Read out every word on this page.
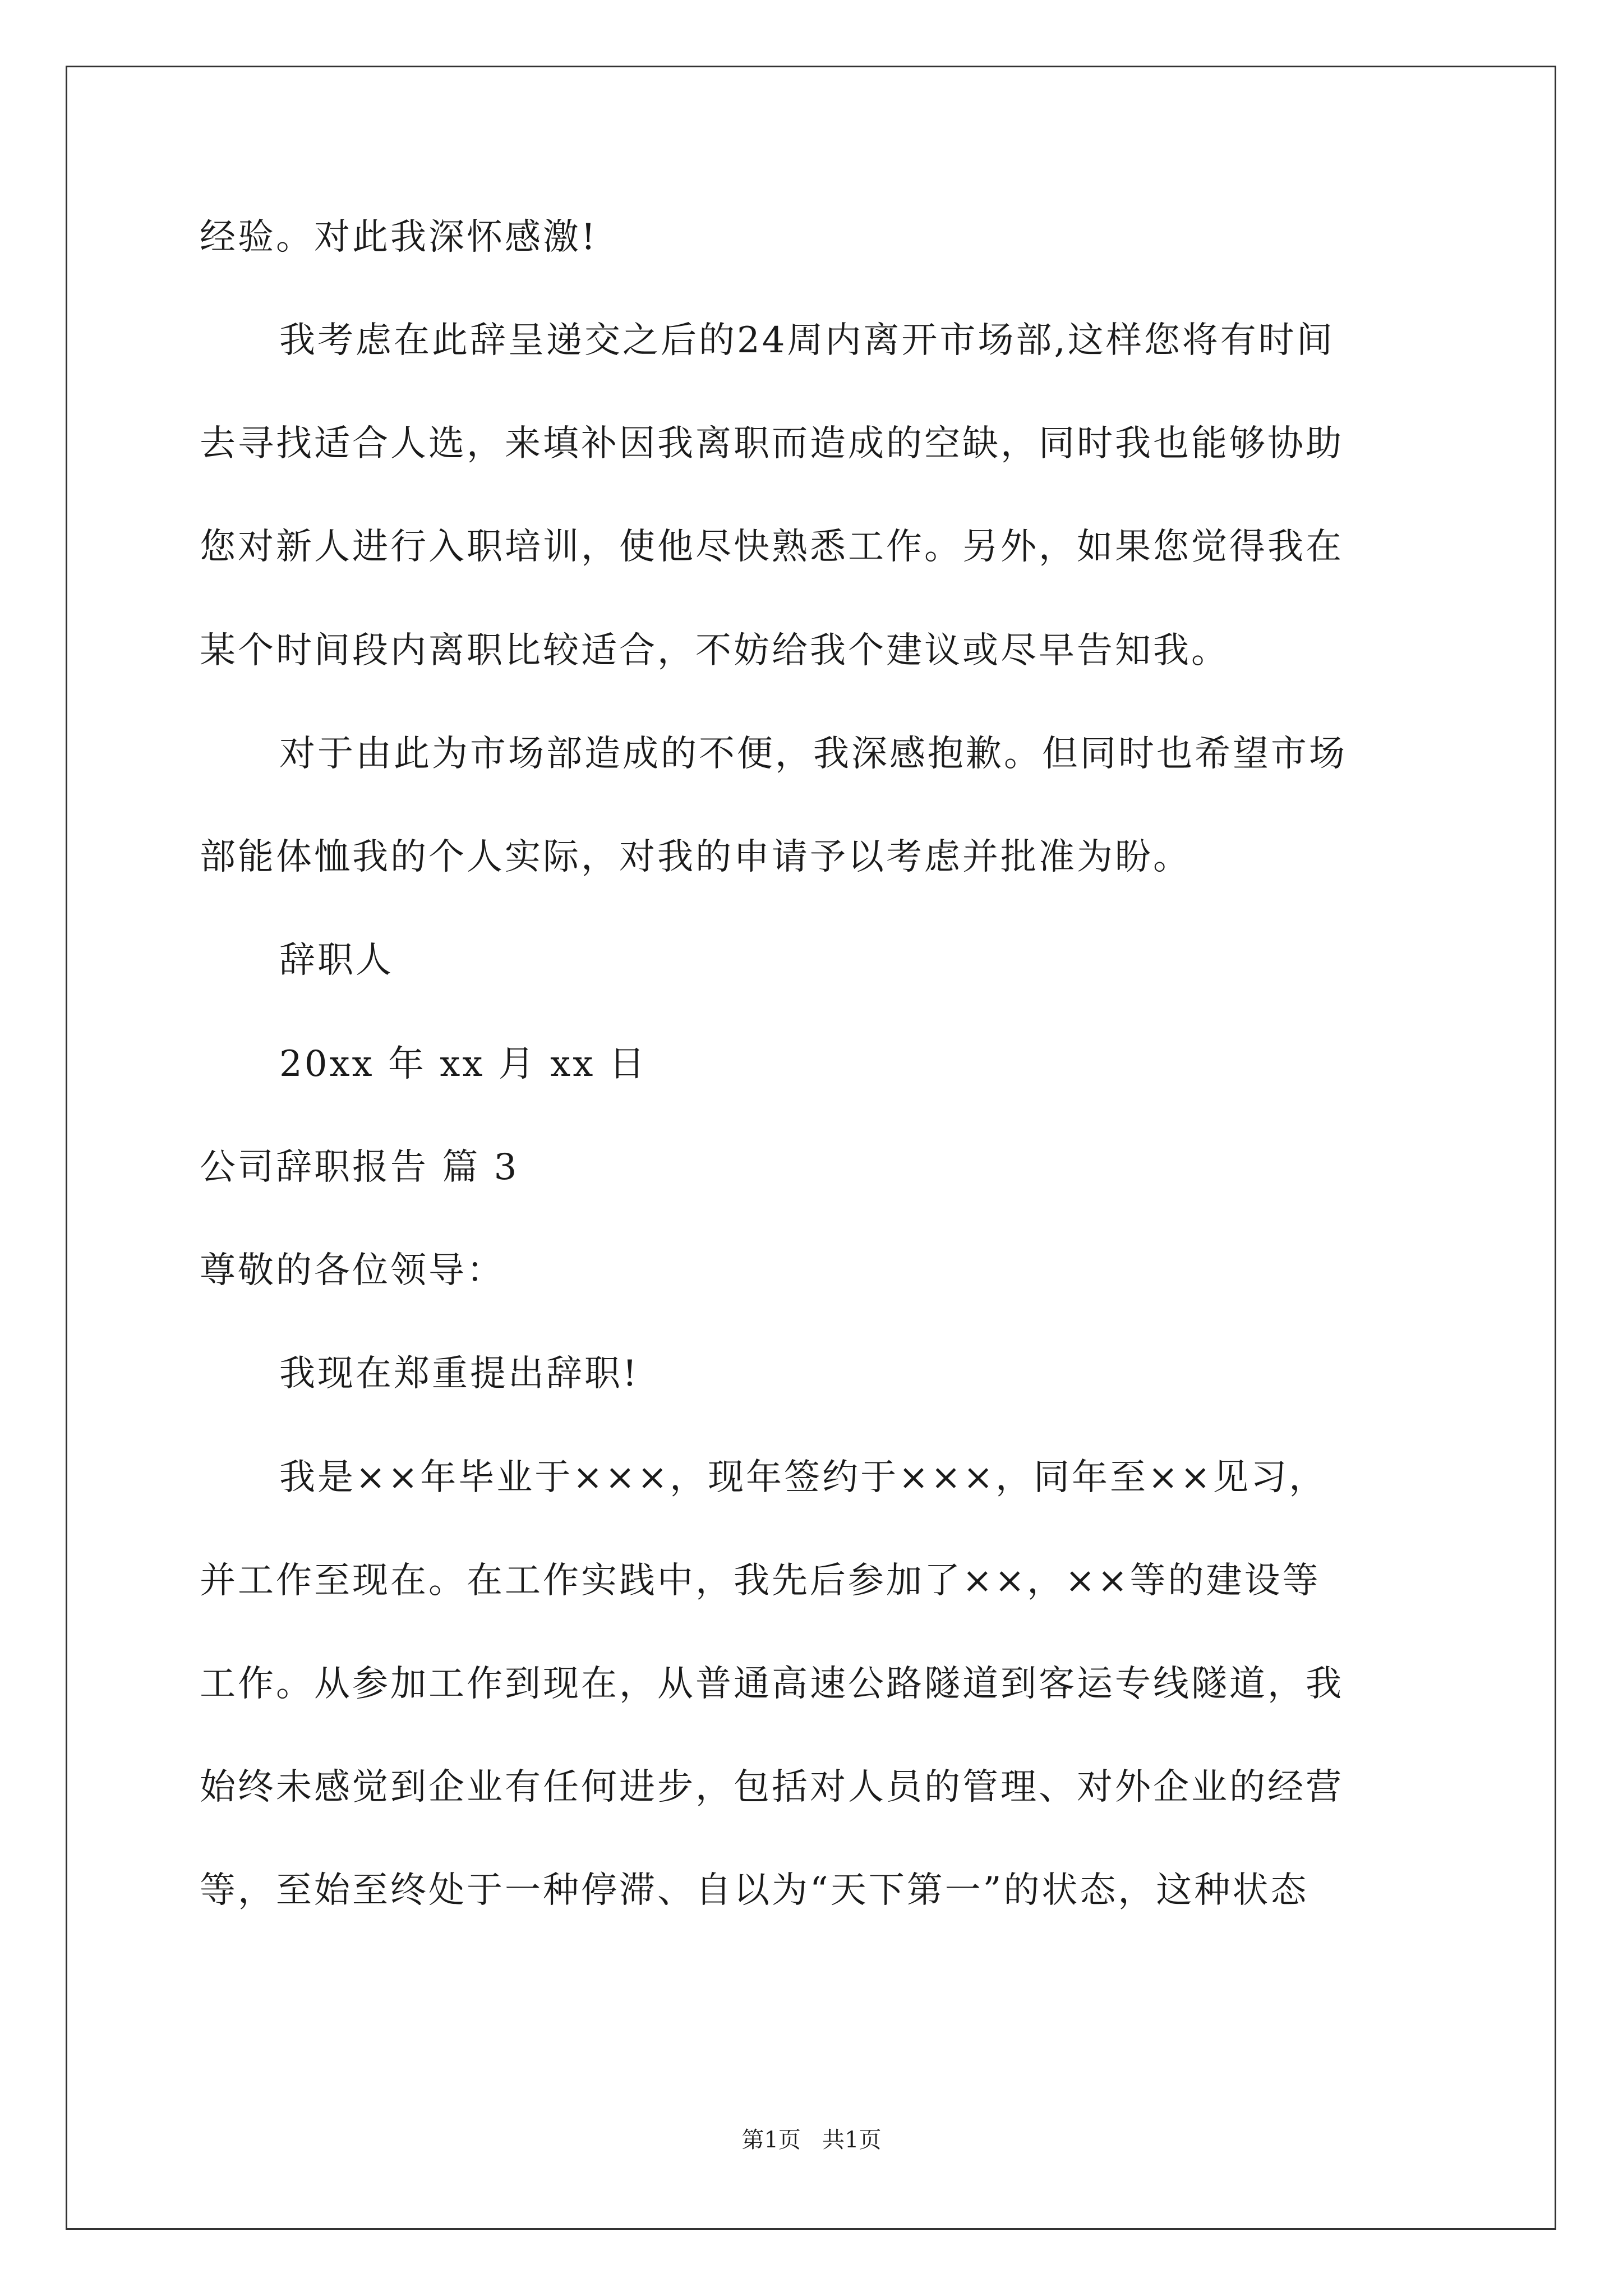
经验。对此我深怀感激!
我考虑在此辞呈递交之后的24周内离开市场部,这样您将有时间
去寻找适合人选，来填补因我离职而造成的空缺，同时我也能够协助
您对新人进行入职培训，使他尽快熟悉工作。另外，如果您觉得我在
某个时间段内离职比较适合，不妨给我个建议或尽早告知我。
对于由此为市场部造成的不便，我深感抱歉。但同时也希望市场
部能体恤我的个人实际，对我的申请予以考虑并批准为盼。
辞职人
20xx 年 xx 月 xx 日
公司辞职报告 篇 3
尊敬的各位领导：
我现在郑重提出辞职!
我是××年毕业于×××，现年签约于×××，同年至××见习，
并工作至现在。在工作实践中，我先后参加了××，××等的建设等
工作。从参加工作到现在，从普通高速公路隧道到客运专线隧道，我
始终未感觉到企业有任何进步，包括对人员的管理、对外企业的经营
等，至始至终处于一种停滞、自以为“天下第一”的状态，这种状态
第1页   共1页
